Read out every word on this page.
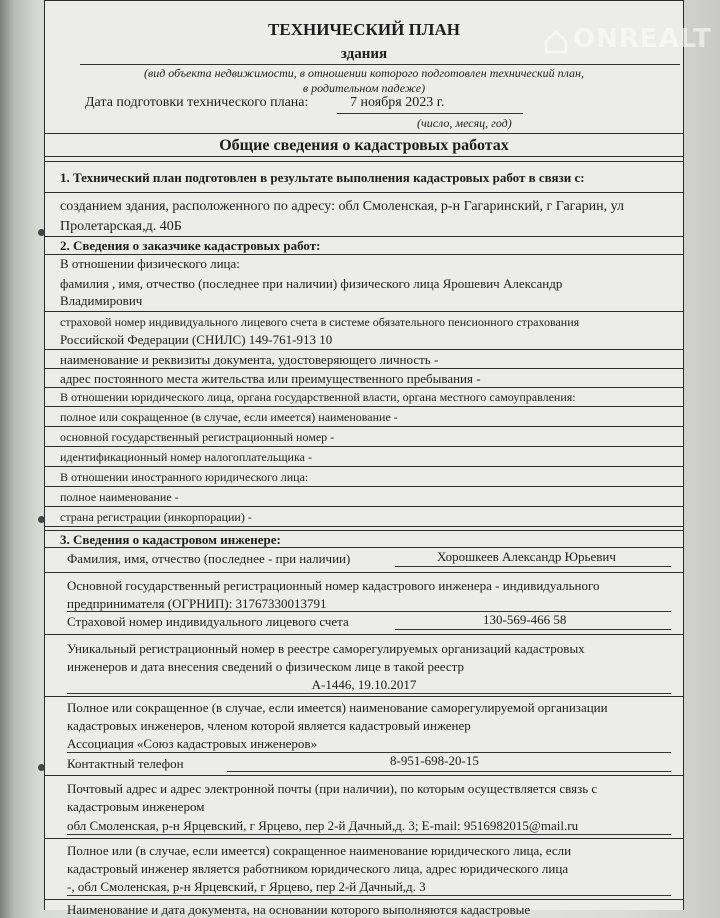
ONREALT
ТЕХНИЧЕСКИЙ ПЛАН
здания
(вид объекта недвижимости, в отношении которого подготовлен технический план,
в родительном падеже)
Дата подготовки технического плана:	7 ноября 2023 г.
(число, месяц, год)
Общие сведения о кадастровых работах
1. Технический план подготовлен в результате выполнения кадастровых работ в связи с:
созданием здания, расположенного по адресу: обл Смоленская, р-н Гагаринский, г Гагарин, ул
Пролетарская,д. 40Б
2. Сведения о заказчике кадастровых работ:
В отношении физического лица:
фамилия , имя, отчество (последнее при наличии) физического лица Ярошевич Александр
Владимирович
страховой номер индивидуального лицевого счета в системе обязательного пенсионного страхования
Российской Федерации (СНИЛС) 149-761-913 10
наименование и реквизиты документа, удостоверяющего личность -
адрес постоянного места жительства или преимущественного пребывания -
В отношении юридического лица, органа государственной власти, органа местного самоуправления:
полное или сокращенное (в случае, если имеется) наименование -
основной государственный регистрационный номер -
идентификационный номер налогоплательщика -
В отношении иностранного юридического лица:
полное наименование -
страна регистрации (инкорпорации) -
3. Сведения о кадастровом инженере:
Фамилия, имя, отчество (последнее - при наличии)	Хорошкеев Александр Юрьевич
Основной государственный регистрационный номер кадастрового инженера - индивидуального
предпринимателя (ОГРНИП): 31767330013791
Страховой номер индивидуального лицевого счета	130-569-466 58
Уникальный регистрационный номер в реестре саморегулируемых организаций кадастровых
инженеров и дата внесения сведений о физическом лице в такой реестр
А-1446, 19.10.2017
Полное или сокращенное (в случае, если имеется) наименование саморегулируемой организации
кадастровых инженеров, членом которой является кадастровый инженер
Ассоциация «Союз кадастровых инженеров»
Контактный телефон	8-951-698-20-15
Почтовый адрес и адрес электронной почты (при наличии), по которым осуществляется связь с
кадастровым инженером
обл Смоленская, р-н Ярцевский, г Ярцево, пер 2-й Дачный,д. 3; E-mail: 9516982015@mail.ru
Полное или (в случае, если имеется) сокращенное наименование юридического лица, если
кадастровый инженер является работником юридического лица, адрес юридического лица
-, обл Смоленская, р-н Ярцевский, г Ярцево, пер 2-й Дачный,д. 3
Наименование и дата документа, на основании которого выполняются кадастровые
